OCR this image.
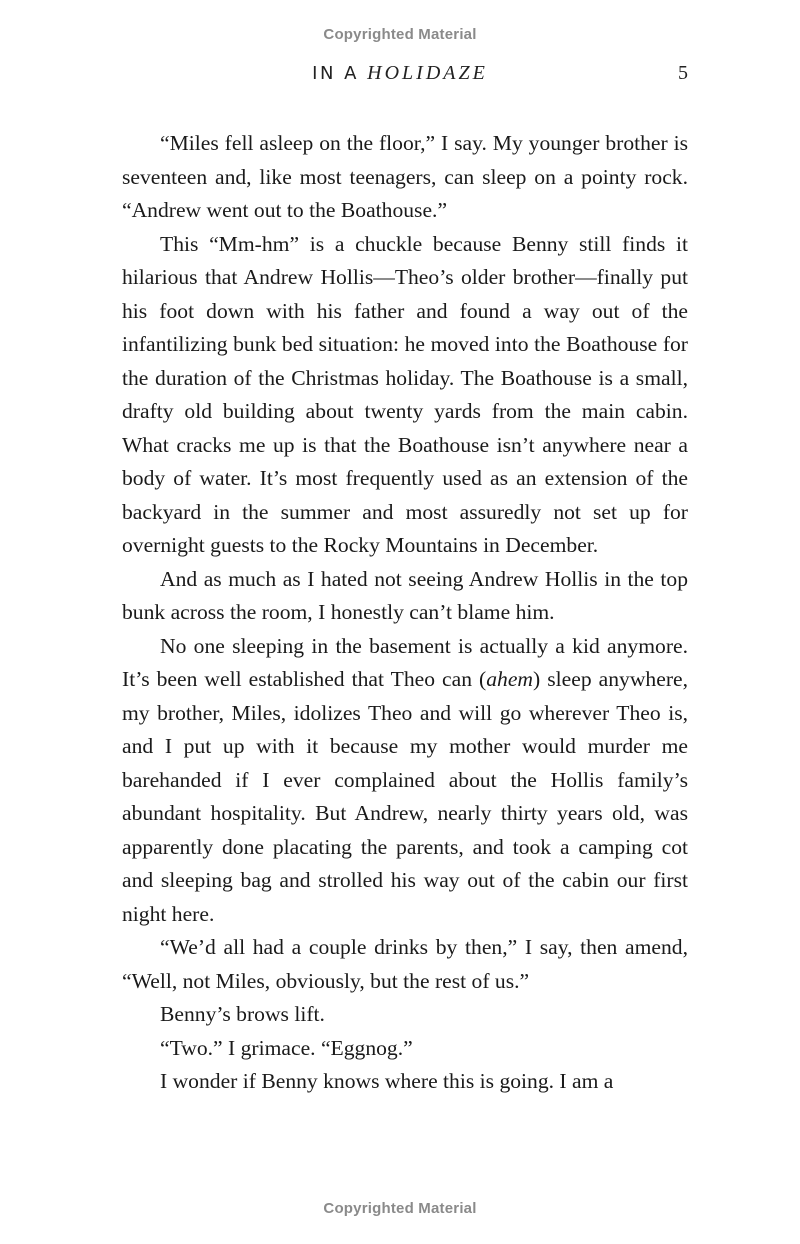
Copyrighted Material
IN A HOLIDAZE	5

“Miles fell asleep on the floor,” I say. My younger brother is seventeen and, like most teenagers, can sleep on a pointy rock. “Andrew went out to the Boathouse.”

This “Mm-hm” is a chuckle because Benny still finds it hilarious that Andrew Hollis—Theo’s older brother—finally put his foot down with his father and found a way out of the infantilizing bunk bed situation: he moved into the Boathouse for the duration of the Christmas holiday. The Boathouse is a small, drafty old building about twenty yards from the main cabin. What cracks me up is that the Boathouse isn’t anywhere near a body of water. It’s most frequently used as an extension of the backyard in the summer and most assuredly not set up for overnight guests to the Rocky Mountains in December.

And as much as I hated not seeing Andrew Hollis in the top bunk across the room, I honestly can’t blame him.

No one sleeping in the basement is actually a kid anymore. It’s been well established that Theo can (ahem) sleep anywhere, my brother, Miles, idolizes Theo and will go wherever Theo is, and I put up with it because my mother would murder me barehanded if I ever complained about the Hollis family’s abundant hospitality. But Andrew, nearly thirty years old, was apparently done placating the parents, and took a camping cot and sleeping bag and strolled his way out of the cabin our first night here.

“We’d all had a couple drinks by then,” I say, then amend, “Well, not Miles, obviously, but the rest of us.”

Benny’s brows lift.

“Two.” I grimace. “Eggnog.”

I wonder if Benny knows where this is going. I am a

Copyrighted Material
